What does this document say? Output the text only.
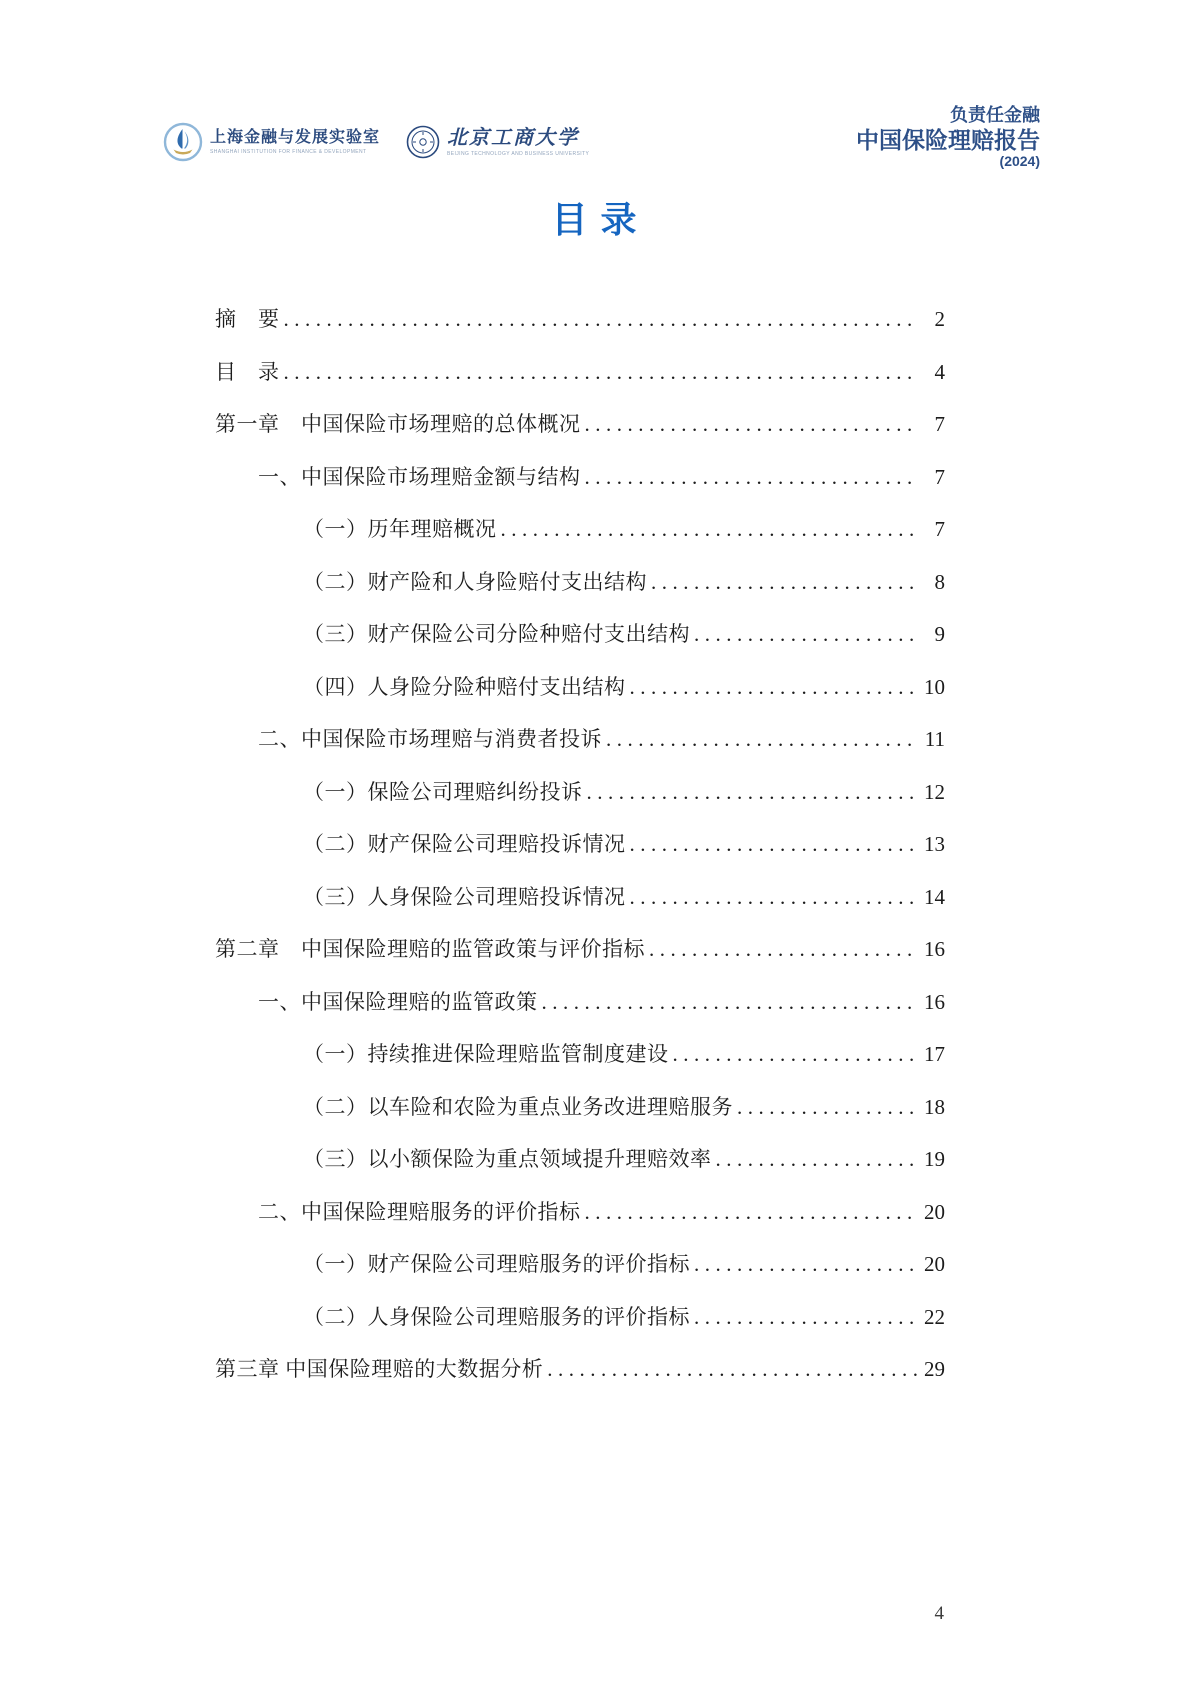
上海金融与发展实验室
SHANGHAI INSTITUTION FOR FINANCE & DEVELOPMENT
北京工商大学
BEIJING TECHNOLOGY AND BUSINESS UNIVERSITY
负责任金融
中国保险理赔报告
(2024)
目 录
摘　要 .....	2
目　录 .....	4
第一章　中国保险市场理赔的总体概况 .....	7
一、中国保险市场理赔金额与结构 .....	7
（一）历年理赔概况 .....	7
（二）财产险和人身险赔付支出结构 .....	8
（三）财产保险公司分险种赔付支出结构 .....	9
（四）人身险分险种赔付支出结构 .....	10
二、中国保险市场理赔与消费者投诉 .....	11
（一）保险公司理赔纠纷投诉 .....	12
（二）财产保险公司理赔投诉情况 .....	13
（三）人身保险公司理赔投诉情况 .....	14
第二章　中国保险理赔的监管政策与评价指标 .....	16
一、中国保险理赔的监管政策 .....	16
（一）持续推进保险理赔监管制度建设 .....	17
（二）以车险和农险为重点业务改进理赔服务 .....	18
（三）以小额保险为重点领域提升理赔效率 .....	19
二、中国保险理赔服务的评价指标 .....	20
（一）财产保险公司理赔服务的评价指标 .....	20
（二）人身保险公司理赔服务的评价指标 .....	22
第三章 中国保险理赔的大数据分析 .....	29
4
